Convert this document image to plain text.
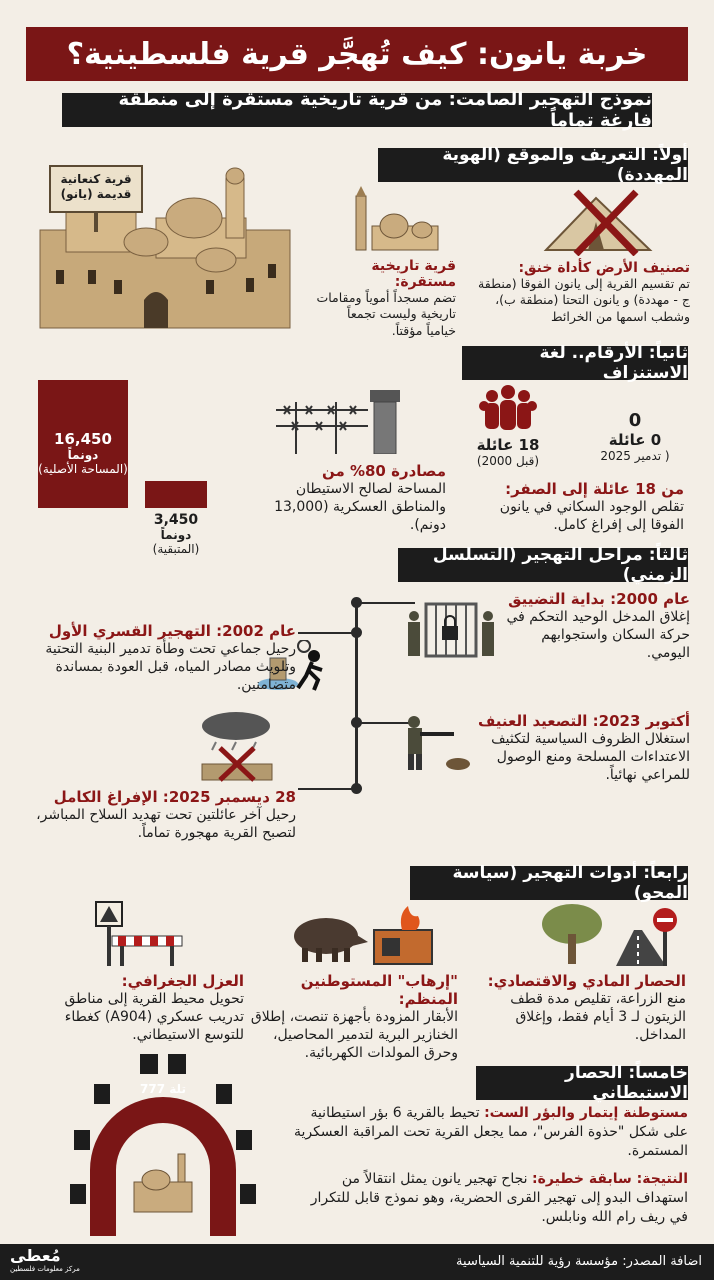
خربة يانون: كيف تُهجَّر قرية فلسطينية؟
نموذج التهجير الصامت: من قرية تاريخية مستقرة إلى منطقة فارغة تماماً
أولاً: التعريف والموقع (الهوية المهددة)
قرية كنعانية
قديمة (يانو)
قرية تاريخية مستقرة:
تضم مسجداً أموياً ومقامات تاريخية وليست تجمعاً خيامياً مؤقتاً.
تصنيف الأرض كأداة خنق:
تم تقسيم القرية إلى يانون الفوقا (منطقة ج - مهددة) و يانون التحتا (منطقة ب)، وشطب اسمها من الخرائط
ثانياً: الأرقام.. لغة الاستنزاف
16,450
دونماً
(المساحة الأصلية)
3,450
دونماً
(المتبقية)
مصادرة 80% من
المساحة لصالح الاستيطان والمناطق العسكرية (13,000 دونم).
18 عائلة
(قبل 2000)
0
0 عائلة
( تدمير 2025
من 18 عائلة إلى الصفر:
تقلص الوجود السكاني في يانون الفوقا إلى إفراغ كامل.
ثالثاً: مراحل التهجير (التسلسل الزمني)
عام 2000: بداية التضييق
إغلاق المدخل الوحيد التحكم في حركة السكان واستجوابهم اليومي.
عام 2002: التهجير القسري الأول
رحيل جماعي تحت وطأة تدمير البنية التحتية وتلويث مصادر المياه، قبل العودة بمساندة متضامنين.
أكتوبر 2023: التصعيد العنيف
استغلال الظروف السياسية لتكثيف الاعتداءات المسلحة ومنع الوصول للمراعي نهائياً.
28 ديسمبر 2025: الإفراغ الكامل
رحيل آخر عائلتين تحت تهديد السلاح المباشر، لتصبح القرية مهجورة تماماً.
رابعاً: أدوات التهجير (سياسة المحو)
العزل الجغرافي:
تحويل محيط القرية إلى مناطق تدريب عسكري (A904) كغطاء للتوسع الاستيطاني.
"إرهاب" المستوطنين المنظم:
الأبقار المزودة بأجهزة تنصت، إطلاق الخنازير البرية لتدمير المحاصيل، وحرق المولدات الكهربائية.
الحصار المادي والاقتصادي:
منع الزراعة، تقليص مدة قطف الزيتون لـ 3 أيام فقط، وإغلاق المداخل.
خامساً: الحصار الاستيطاني
تلة 777
مستوطنة إيتمار والبؤر الست: تحيط بالقرية 6 بؤر استيطانية على شكل "حذوة الفرس"، مما يجعل القرية تحت المراقبة العسكرية المستمرة.
النتيجة: سابقة خطيرة: نجاح تهجير يانون يمثل انتقالاً من استهداف البدو إلى تهجير القرى الحضرية، وهو نموذج قابل للتكرار في ريف رام الله ونابلس.
اضافة المصدر: مؤسسة رؤية للتنمية السياسية
مُعطى
مركز معلومات فلسطين
